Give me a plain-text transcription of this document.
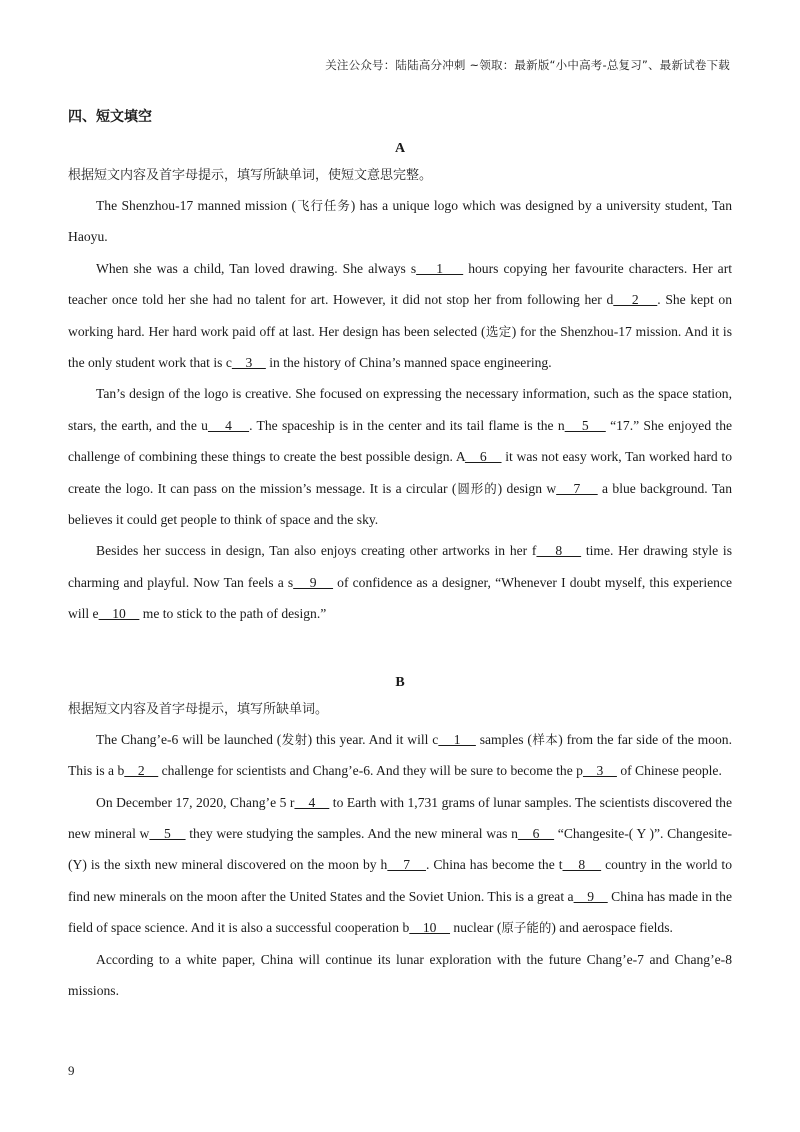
关注公众号：陆陆高分冲刺 ~领取：最新版“小中高考-总复习”、最新试卷下载
四、短文填空
A
根据短文内容及首字母提示，填写所缺单词，使短文意思完整。

The Shenzhou-17 manned mission (飞行任务) has a unique logo which was designed by a university student, Tan Haoyu.

When she was a child, Tan loved drawing. She always s    1     hours copying her favourite characters. Her art teacher once told her she had no talent for art. However, it did not stop her from following her d    2    . She kept on working hard. Her hard work paid off at last. Her design has been selected (选定) for the Shenzhou-17 mission. And it is the only student work that is c    3     in the history of China’s manned space engineering.

Tan’s design of the logo is creative. She focused on expressing the necessary information, such as the space station, stars, the earth, and the u    4    . The spaceship is in the center and its tail flame is the n    5     “17.” She enjoyed the challenge of combining these things to create the best possible design. A    6     it was not easy work, Tan worked hard to create the logo. It can pass on the mission’s message. It is a circular (圆形的) design w    7     a blue background. Tan believes it could get people to think of space and the sky.

Besides her success in design, Tan also enjoys creating other artworks in her f    8     time. Her drawing style is charming and playful. Now Tan feels a s    9     of confidence as a designer, “Whenever I doubt myself, this experience will e    10     me to stick to the path of design.”

B
根据短文内容及首字母提示，填写所缺单词。

The Chang’e-6 will be launched (发射) this year. And it will c    1     samples (样本) from the far side of the moon. This is a b    2     challenge for scientists and Chang’e-6. And they will be sure to become the p    3     of Chinese people.

On December 17, 2020, Chang’e 5 r    4     to Earth with 1,731 grams of lunar samples. The scientists discovered the new mineral w    5     they were studying the samples. And the new mineral was n    6     “Changesite-( Y )”. Changesite-(Y) is the sixth new mineral discovered on the moon by h    7    . China has become the t    8     country in the world to find new minerals on the moon after the United States and the Soviet Union. This is a great a    9     China has made in the field of space science. And it is also a successful cooperation b    10     nuclear (原子能的) and aerospace fields.

According to a white paper, China will continue its lunar exploration with the future Chang’e-7 and Chang’e-8 missions.

9
